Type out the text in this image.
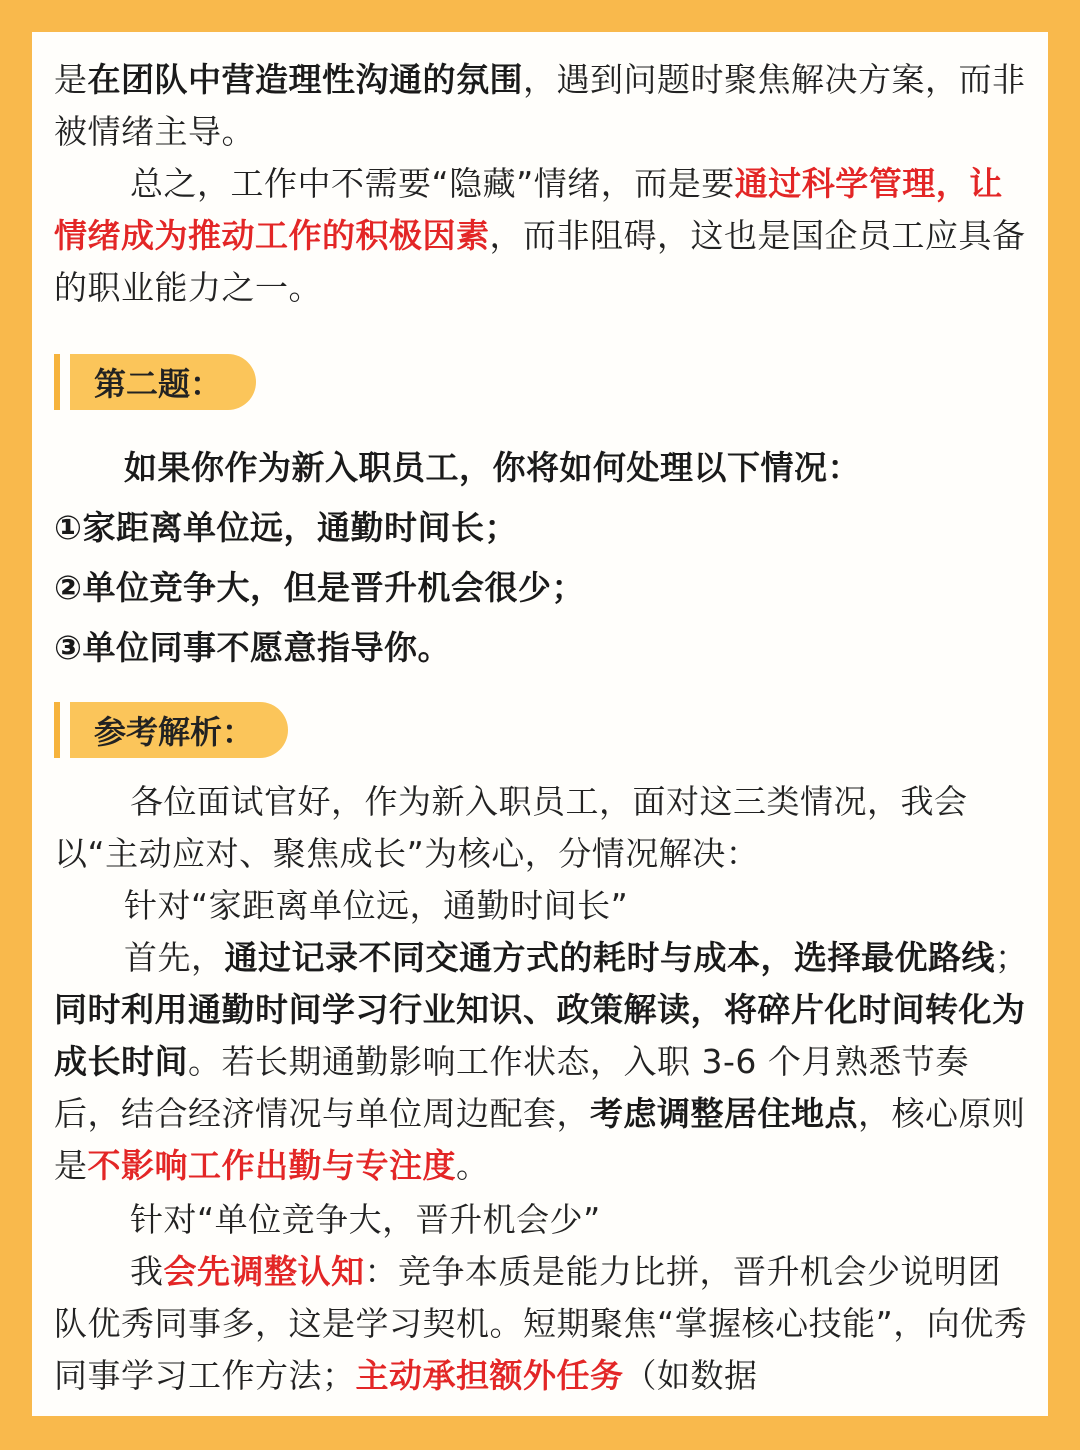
是在团队中营造理性沟通的氛围，遇到问题时聚焦解决方案，而非被情绪主导。

总之，工作中不需要“隐藏”情绪，而是要通过科学管理，让情绪成为推动工作的积极因素，而非阻碍，这也是国企员工应具备的职业能力之一。

第二题：

如果你作为新入职员工，你将如何处理以下情况：

①家距离单位远，通勤时间长；

②单位竞争大，但是晋升机会很少；

③单位同事不愿意指导你。

参考解析：

各位面试官好，作为新入职员工，面对这三类情况，我会以“主动应对、聚焦成长”为核心，分情况解决：

针对“家距离单位远，通勤时间长”

首先，通过记录不同交通方式的耗时与成本，选择最优路线；同时利用通勤时间学习行业知识、政策解读，将碎片化时间转化为成长时间。若长期通勤影响工作状态，入职 3-6 个月熟悉节奏后，结合经济情况与单位周边配套，考虑调整居住地点，核心原则是不影响工作出勤与专注度。

针对“单位竞争大，晋升机会少”

我会先调整认知：竞争本质是能力比拼，晋升机会少说明团队优秀同事多，这是学习契机。短期聚焦“掌握核心技能”，向优秀同事学习工作方法；主动承担额外任务（如数据
